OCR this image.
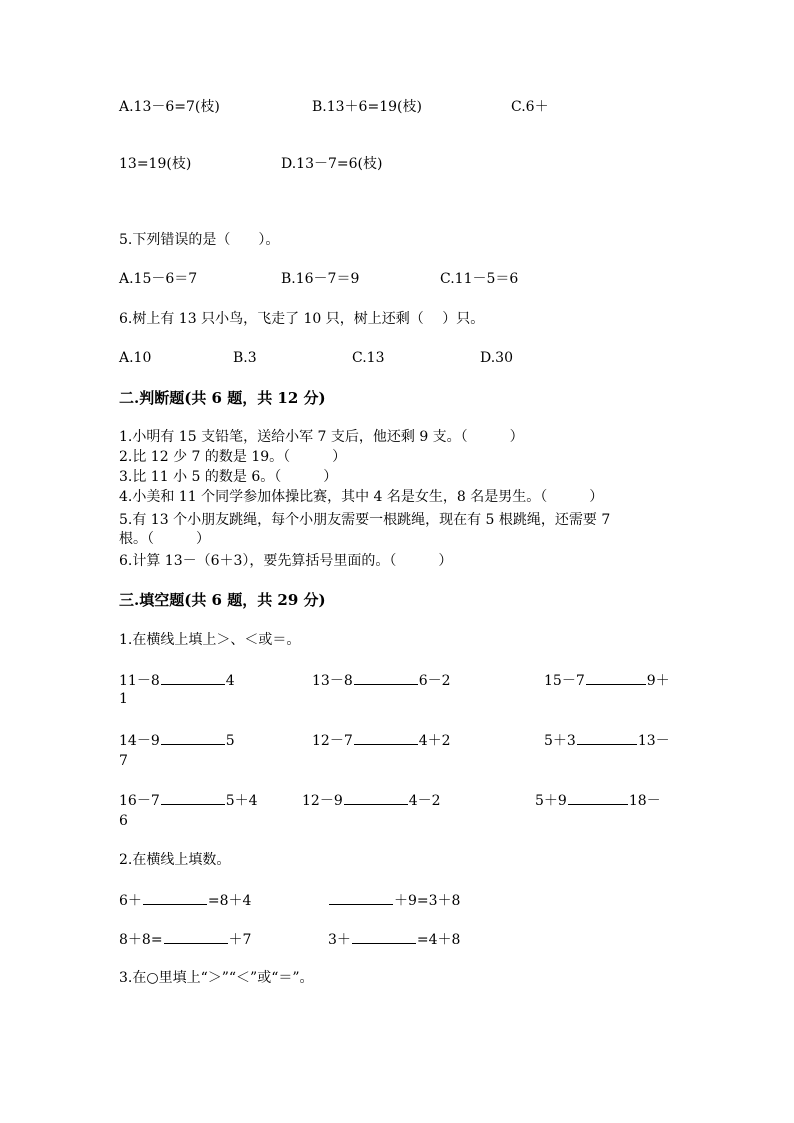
A.13－6=7(枝)	B.13＋6=19(枝)	C.6＋
13=19(枝)	D.13－7=6(枝)
5.下列错误的是（　　）。
A.15－6＝7	B.16－7＝9	C.11－5＝6
6.树上有 13 只小鸟，飞走了 10 只，树上还剩（　 ）只。
A.10	B.3	C.13	D.30
二.判断题(共 6 题，共 12 分)
1.小明有 15 支铅笔，送给小军 7 支后，他还剩 9 支。（　　　）
2.比 12 少 7 的数是 19。（　　　）
3.比 11 小 5 的数是 6。（　　　）
4.小美和 11 个同学参加体操比赛，其中 4 名是女生，8 名是男生。（　　　）
5.有 13 个小朋友跳绳，每个小朋友需要一根跳绳，现在有 5 根跳绳，还需要 7
根。（　　　）
6.计算 13－（6＋3），要先算括号里面的。（　　　）
三.填空题(共 6 题，共 29 分)
1.在横线上填上＞、＜或＝。
11－8	4	13－8	6－2	15－7	9＋
1
14－9	5	12－7	4＋2	5＋3	13－
7
16－7	5＋4	12－9	4－2	5＋9	18－
6
2.在横线上填数。
6＋	=8＋4	＋9=3＋8
8＋8=	＋7	3＋	=4＋8
3.在○里填上“＞”“＜”或“＝”。
